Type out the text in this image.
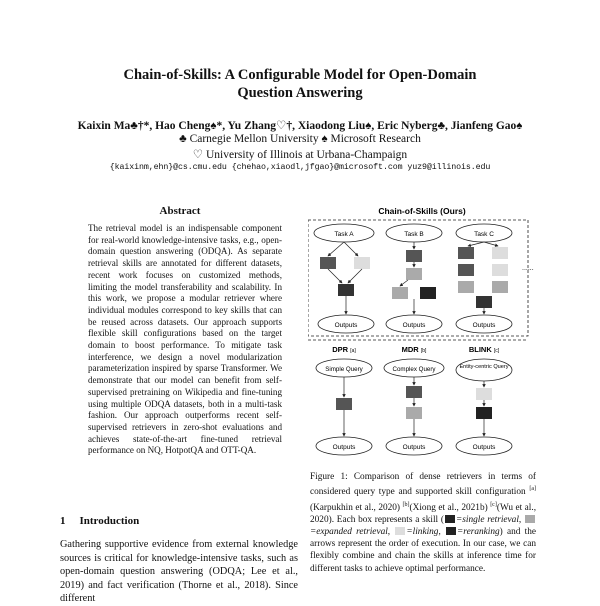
Chain-of-Skills: A Configurable Model for Open-Domain
Question Answering
Kaixin Ma♣†*, Hao Cheng♠*, Yu Zhang♡†, Xiaodong Liu♠, Eric Nyberg♣, Jianfeng Gao♠
♣ Carnegie Mellon University ♠ Microsoft Research
♡ University of Illinois at Urbana-Champaign
{kaixinm,ehn}@cs.cmu.edu {chehao,xiaodl,jfgao}@microsoft.com yuz9@illinois.edu
Abstract
The retrieval model is an indispensable component for real-world knowledge-intensive tasks, e.g., open-domain question answering (ODQA). As separate retrieval skills are annotated for different datasets, recent work focuses on customized methods, limiting the model transferability and scalability. In this work, we propose a modular retriever where individual modules correspond to key skills that can be reused across datasets. Our approach supports flexible skill configurations based on the target domain to boost performance. To mitigate task interference, we design a novel modularization parameterization inspired by sparse Transformer. We demonstrate that our model can benefit from self-supervised pretraining on Wikipedia and fine-tuning using multiple ODQA datasets, both in a multi-task fashion. Our approach outperforms recent self-supervised retrievers in zero-shot evaluations and achieves state-of-the-art fine-tuned retrieval performance on NQ, HotpotQA and OTT-QA.
1 Introduction
Gathering supportive evidence from external knowledge sources is critical for knowledge-intensive tasks, such as open-domain question answering (ODQA; Lee et al., 2019) and fact verification (Thorne et al., 2018). Since different
Chain-of-Skills (Ours)
Task A
Outputs
Task B
Outputs
Task C
Outputs
......
DPR [a]
Simple Query
Outputs
MDR [b]
Complex Query
Outputs
BLINK [c]
Entity-centric Query
Outputs
Figure 1: Comparison of dense retrievers in terms of considered query type and supported skill configuration [a](Karpukhin et al., 2020) [b](Xiong et al., 2021b) [c](Wu et al., 2020). Each box represents a skill ( =single retrieval, =expanded retrieval, =linking, =reranking) and the arrows represent the order of execution. In our case, we can flexibly combine and chain the skills at inference time for different tasks to achieve optimal performance.
